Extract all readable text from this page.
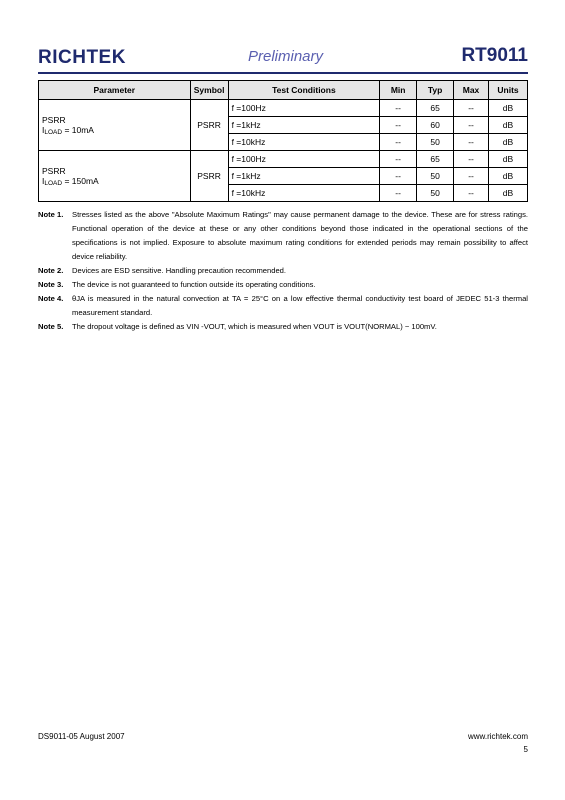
RICHTEK	Preliminary	RT9011
Parameter	Symbol	Test Conditions	Min	Typ	Max	Units

PSRR
ILOAD = 10mA	PSRR	f =100Hz	--	65	--	dB
		f =1kHz	--	60	--	dB
		f =10kHz	--	50	--	dB

PSRR
ILOAD = 150mA	PSRR	f =100Hz	--	65	--	dB
		f =1kHz	--	50	--	dB
		f =10kHz	--	50	--	dB
Note 1.	Stresses listed as the above "Absolute Maximum Ratings" may cause permanent damage to the device. These are for stress ratings. Functional operation of the device at these or any other conditions beyond those indicated in the operational sections of the specifications is not implied. Exposure to absolute maximum rating conditions for extended periods may remain possibility to affect device reliability.
Note 2.	Devices are ESD sensitive. Handling precaution recommended.
Note 3.	The device is not guaranteed to function outside its operating conditions.
Note 4.	θJA is measured in the natural convection at TA = 25°C on a low effective thermal conductivity test board of JEDEC 51-3 thermal measurement standard.
Note 5.	The dropout voltage is defined as VIN -VOUT, which is measured when VOUT is VOUT(NORMAL) − 100mV.
DS9011-05 August 2007	www.richtek.com
5
